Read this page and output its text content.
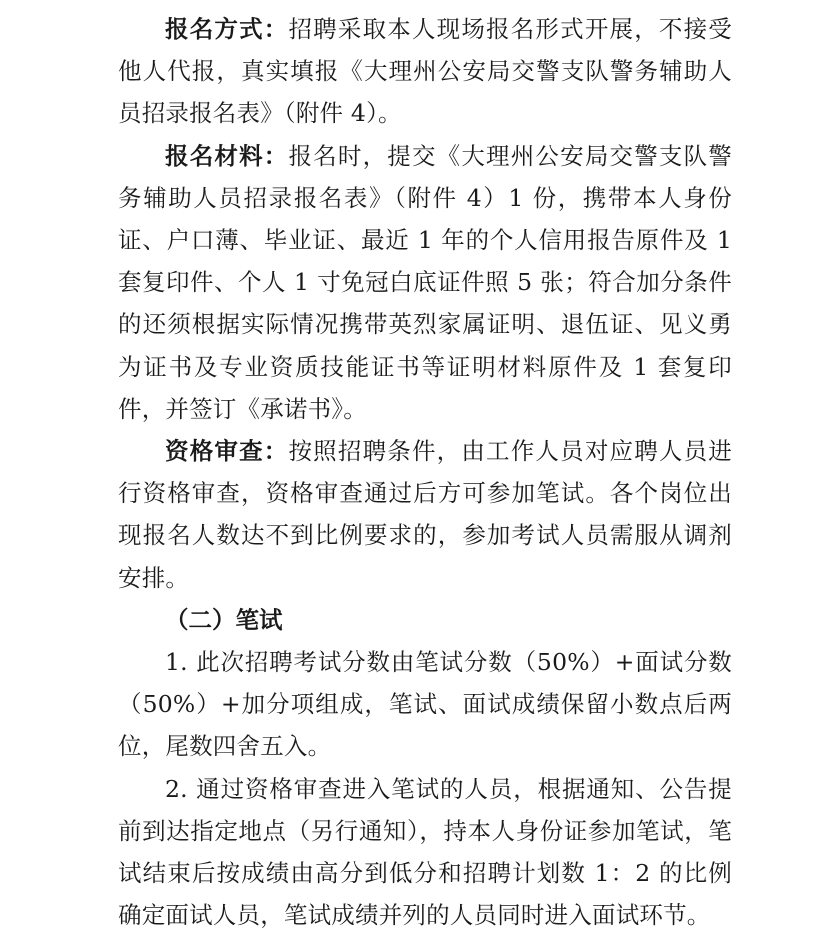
报名方式：招聘采取本人现场报名形式开展，不接受他人代报，真实填报《大理州公安局交警支队警务辅助人员招录报名表》（附件 4）。

报名材料：报名时，提交《大理州公安局交警支队警务辅助人员招录报名表》（附件 4）1 份，携带本人身份证、户口薄、毕业证、最近 1 年的个人信用报告原件及 1 套复印件、个人 1 寸免冠白底证件照 5 张；符合加分条件的还须根据实际情况携带英烈家属证明、退伍证、见义勇为证书及专业资质技能证书等证明材料原件及 1 套复印件，并签订《承诺书》。

资格审查：按照招聘条件，由工作人员对应聘人员进行资格审查，资格审查通过后方可参加笔试。各个岗位出现报名人数达不到比例要求的，参加考试人员需服从调剂安排。

（二）笔试

1. 此次招聘考试分数由笔试分数（50%）+面试分数（50%）+加分项组成，笔试、面试成绩保留小数点后两位，尾数四舍五入。

2. 通过资格审查进入笔试的人员，根据通知、公告提前到达指定地点（另行通知），持本人身份证参加笔试，笔试结束后按成绩由高分到低分和招聘计划数 1：2 的比例确定面试人员，笔试成绩并列的人员同时进入面试环节。
